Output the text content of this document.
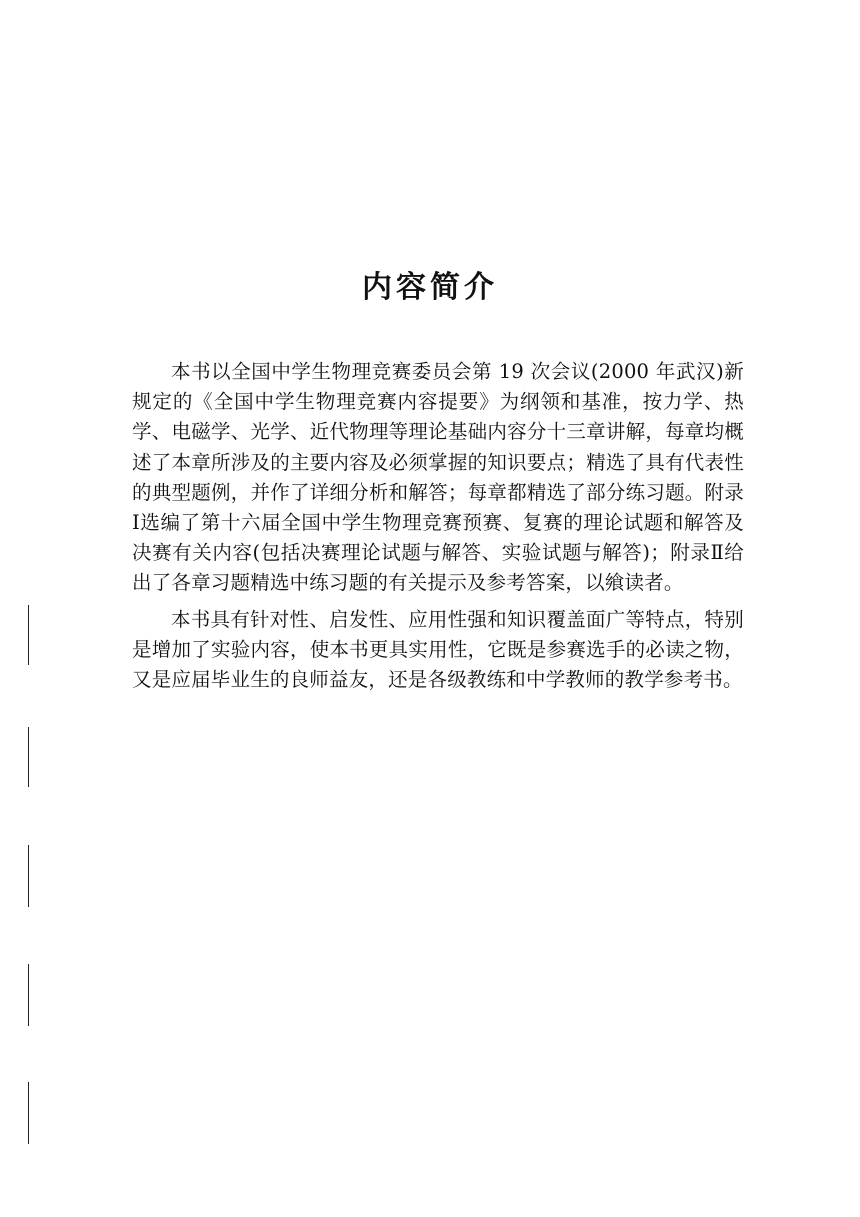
内容简介

本书以全国中学生物理竞赛委员会第 19 次会议(2000 年武汉)新规定的《全国中学生物理竞赛内容提要》为纲领和基准，按力学、热学、电磁学、光学、近代物理等理论基础内容分十三章讲解，每章均概述了本章所涉及的主要内容及必须掌握的知识要点；精选了具有代表性的典型题例，并作了详细分析和解答；每章都精选了部分练习题。附录Ⅰ选编了第十六届全国中学生物理竞赛预赛、复赛的理论试题和解答及决赛有关内容(包括决赛理论试题与解答、实验试题与解答)；附录Ⅱ给出了各章习题精选中练习题的有关提示及参考答案，以飨读者。

本书具有针对性、启发性、应用性强和知识覆盖面广等特点，特别是增加了实验内容，使本书更具实用性，它既是参赛选手的必读之物，又是应届毕业生的良师益友，还是各级教练和中学教师的教学参考书。
